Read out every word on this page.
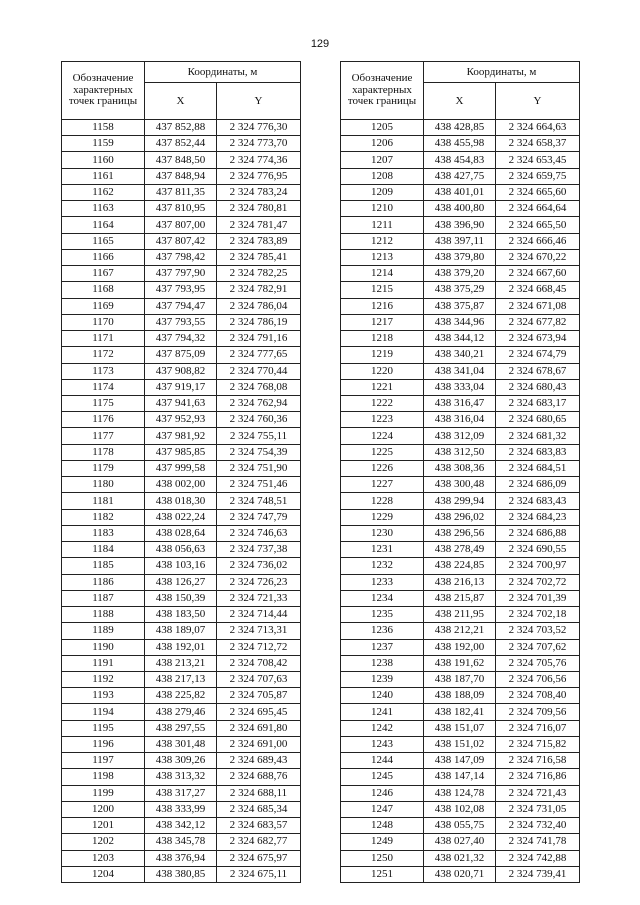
129
Обозначение характерных точек границы	Координаты, м	
	X	Y
1158	437 852,88	2 324 776,30
1159	437 852,44	2 324 773,70
1160	437 848,50	2 324 774,36
1161	437 848,94	2 324 776,95
1162	437 811,35	2 324 783,24
1163	437 810,95	2 324 780,81
1164	437 807,00	2 324 781,47
1165	437 807,42	2 324 783,89
1166	437 798,42	2 324 785,41
1167	437 797,90	2 324 782,25
1168	437 793,95	2 324 782,91
1169	437 794,47	2 324 786,04
1170	437 793,55	2 324 786,19
1171	437 794,32	2 324 791,16
1172	437 875,09	2 324 777,65
1173	437 908,82	2 324 770,44
1174	437 919,17	2 324 768,08
1175	437 941,63	2 324 762,94
1176	437 952,93	2 324 760,36
1177	437 981,92	2 324 755,11
1178	437 985,85	2 324 754,39
1179	437 999,58	2 324 751,90
1180	438 002,00	2 324 751,46
1181	438 018,30	2 324 748,51
1182	438 022,24	2 324 747,79
1183	438 028,64	2 324 746,63
1184	438 056,63	2 324 737,38
1185	438 103,16	2 324 736,02
1186	438 126,27	2 324 726,23
1187	438 150,39	2 324 721,33
1188	438 183,50	2 324 714,44
1189	438 189,07	2 324 713,31
1190	438 192,01	2 324 712,72
1191	438 213,21	2 324 708,42
1192	438 217,13	2 324 707,63
1193	438 225,82	2 324 705,87
1194	438 279,46	2 324 695,45
1195	438 297,55	2 324 691,80
1196	438 301,48	2 324 691,00
1197	438 309,26	2 324 689,43
1198	438 313,32	2 324 688,76
1199	438 317,27	2 324 688,11
1200	438 333,99	2 324 685,34
1201	438 342,12	2 324 683,57
1202	438 345,78	2 324 682,77
1203	438 376,94	2 324 675,97
1204	438 380,85	2 324 675,11
Обозначение характерных точек границы	Координаты, м	
	X	Y
1205	438 428,85	2 324 664,63
1206	438 455,98	2 324 658,37
1207	438 454,83	2 324 653,45
1208	438 427,75	2 324 659,75
1209	438 401,01	2 324 665,60
1210	438 400,80	2 324 664,64
1211	438 396,90	2 324 665,50
1212	438 397,11	2 324 666,46
1213	438 379,80	2 324 670,22
1214	438 379,20	2 324 667,60
1215	438 375,29	2 324 668,45
1216	438 375,87	2 324 671,08
1217	438 344,96	2 324 677,82
1218	438 344,12	2 324 673,94
1219	438 340,21	2 324 674,79
1220	438 341,04	2 324 678,67
1221	438 333,04	2 324 680,43
1222	438 316,47	2 324 683,17
1223	438 316,04	2 324 680,65
1224	438 312,09	2 324 681,32
1225	438 312,50	2 324 683,83
1226	438 308,36	2 324 684,51
1227	438 300,48	2 324 686,09
1228	438 299,94	2 324 683,43
1229	438 296,02	2 324 684,23
1230	438 296,56	2 324 686,88
1231	438 278,49	2 324 690,55
1232	438 224,85	2 324 700,97
1233	438 216,13	2 324 702,72
1234	438 215,87	2 324 701,39
1235	438 211,95	2 324 702,18
1236	438 212,21	2 324 703,52
1237	438 192,00	2 324 707,62
1238	438 191,62	2 324 705,76
1239	438 187,70	2 324 706,56
1240	438 188,09	2 324 708,40
1241	438 182,41	2 324 709,56
1242	438 151,07	2 324 716,07
1243	438 151,02	2 324 715,82
1244	438 147,09	2 324 716,58
1245	438 147,14	2 324 716,86
1246	438 124,78	2 324 721,43
1247	438 102,08	2 324 731,05
1248	438 055,75	2 324 732,40
1249	438 027,40	2 324 741,78
1250	438 021,32	2 324 742,88
1251	438 020,71	2 324 739,41
